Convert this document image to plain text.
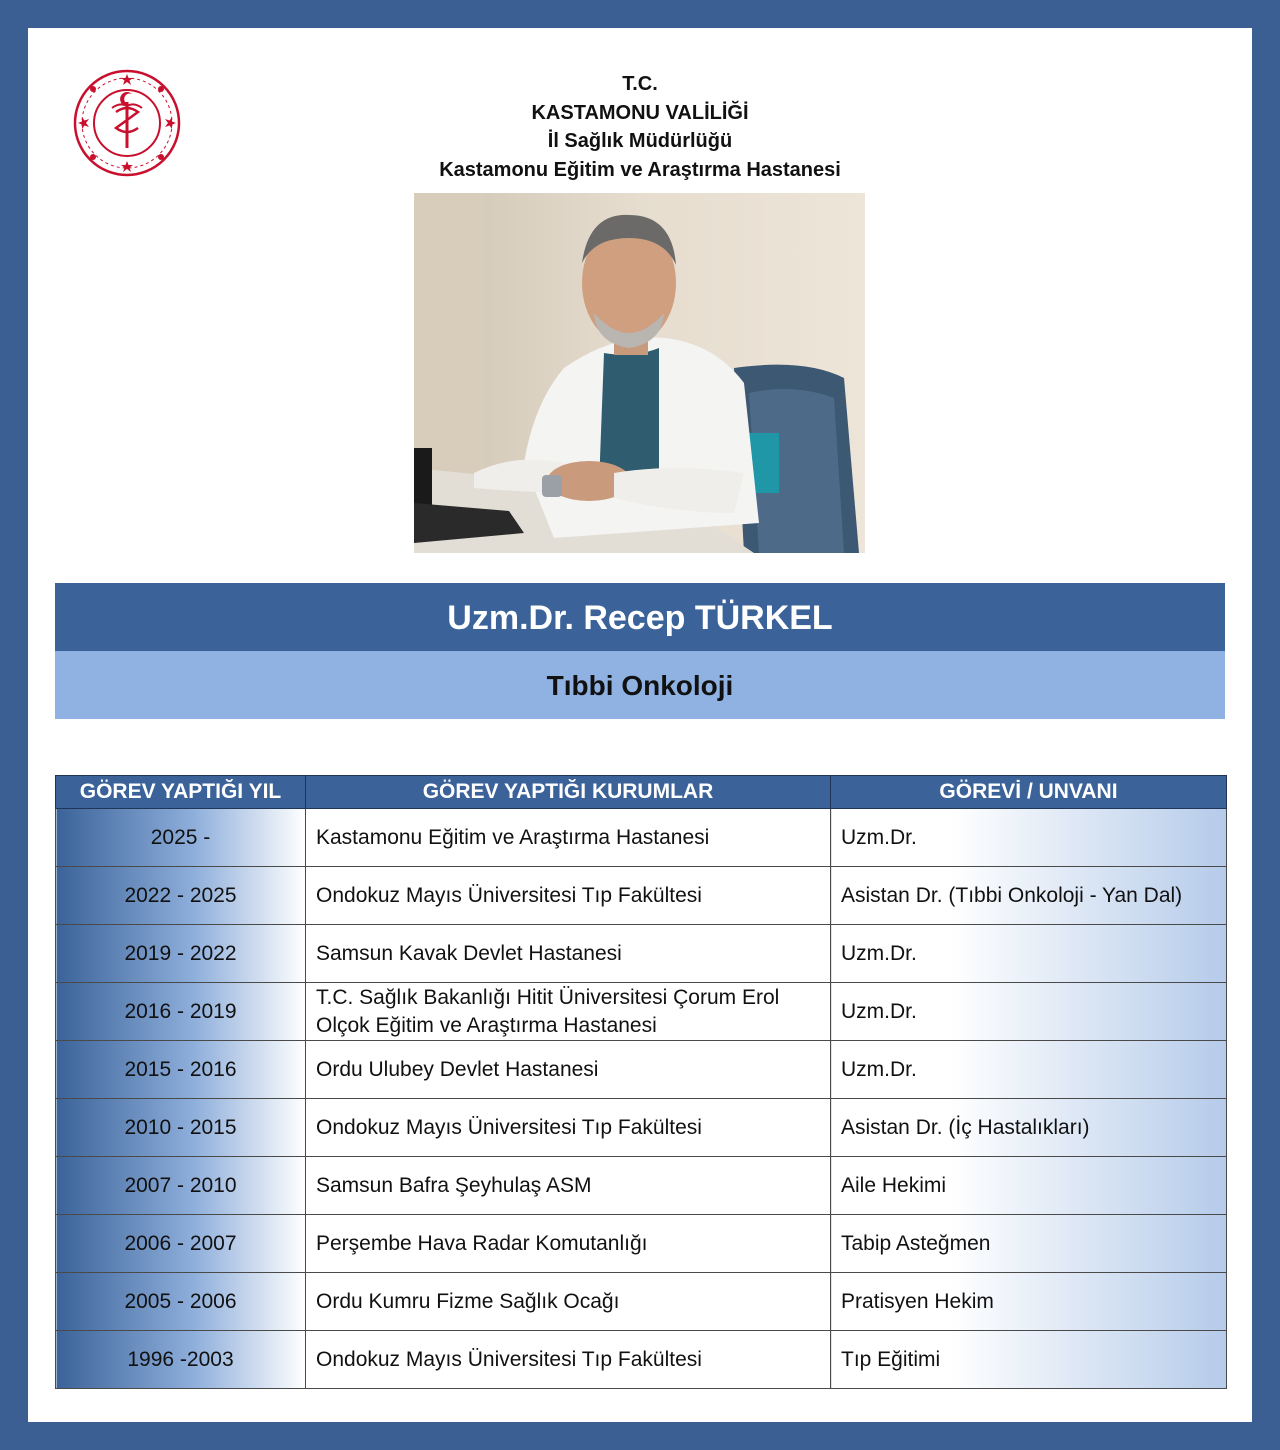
T.C.
KASTAMONU VALİLİĞİ
İl Sağlık Müdürlüğü
Kastamonu Eğitim ve Araştırma Hastanesi
Uzm.Dr. Recep TÜRKEL
Tıbbi Onkoloji
GÖREV YAPTIĞI YIL	GÖREV YAPTIĞI KURUMLAR	GÖREVİ / UNVANI
2025 -	Kastamonu Eğitim ve Araştırma Hastanesi	Uzm.Dr.
2022 - 2025	Ondokuz Mayıs Üniversitesi Tıp Fakültesi	Asistan Dr. (Tıbbi Onkoloji - Yan Dal)
2019 - 2022	Samsun Kavak Devlet Hastanesi	Uzm.Dr.
2016 - 2019	T.C. Sağlık Bakanlığı Hitit Üniversitesi Çorum Erol Olçok Eğitim ve Araştırma Hastanesi	Uzm.Dr.
2015 - 2016	Ordu Ulubey Devlet Hastanesi	Uzm.Dr.
2010 - 2015	Ondokuz Mayıs Üniversitesi Tıp Fakültesi	Asistan Dr. (İç Hastalıkları)
2007 - 2010	Samsun Bafra Şeyhulaş ASM	Aile Hekimi
2006 - 2007	Perşembe Hava Radar Komutanlığı	Tabip Asteğmen
2005 - 2006	Ordu Kumru Fizme Sağlık Ocağı	Pratisyen Hekim
1996 -2003	Ondokuz Mayıs Üniversitesi Tıp Fakültesi	Tıp Eğitimi
